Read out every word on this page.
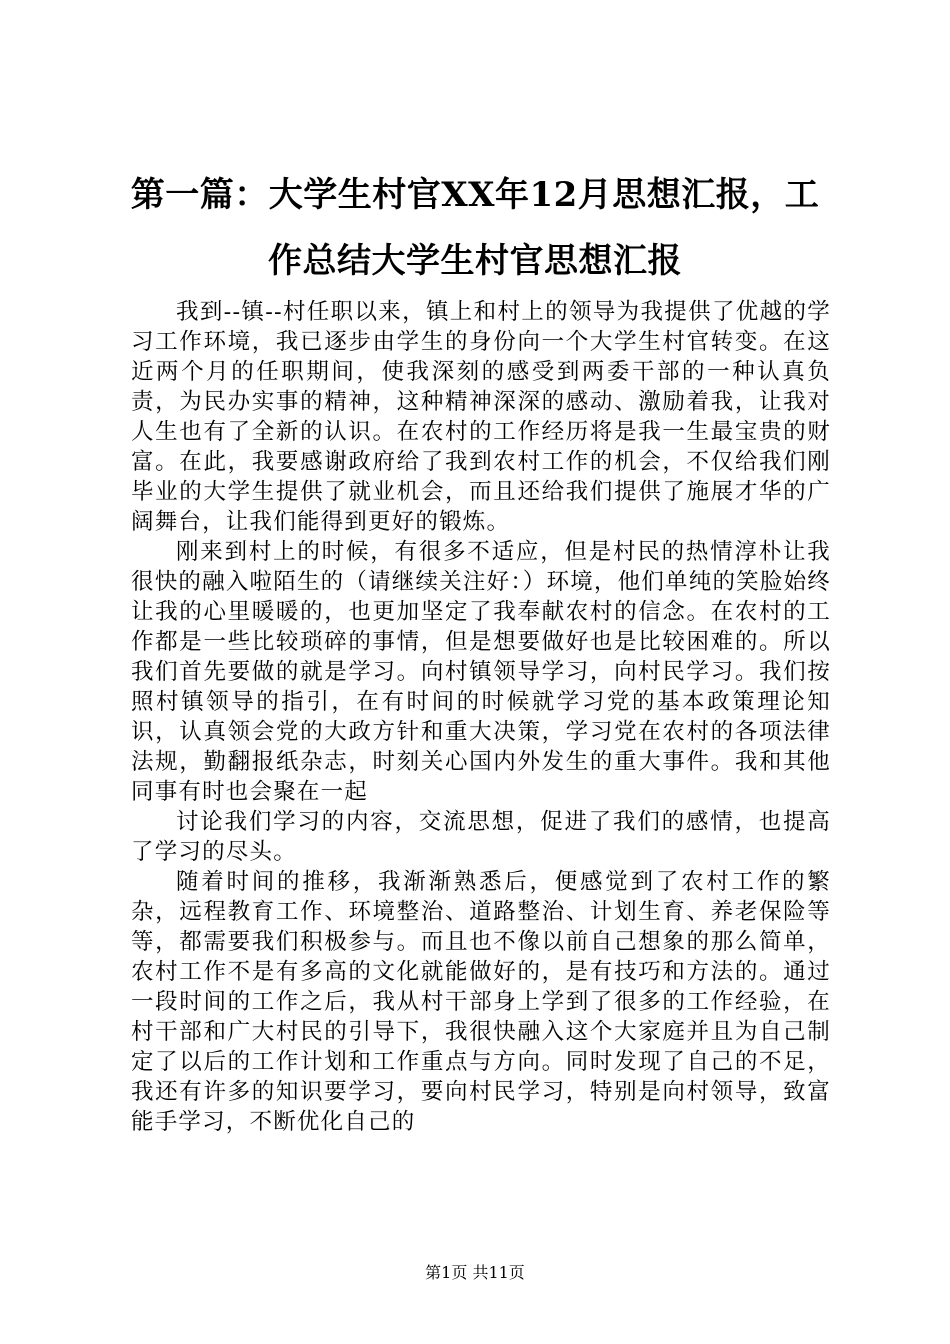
第一篇：大学生村官XX年12月思想汇报，工作总结大学生村官思想汇报

我到--镇--村任职以来，镇上和村上的领导为我提供了优越的学习工作环境，我已逐步由学生的身份向一个大学生村官转变。在这近两个月的任职期间，使我深刻的感受到两委干部的一种认真负责，为民办实事的精神，这种精神深深的感动、激励着我，让我对人生也有了全新的认识。在农村的工作经历将是我一生最宝贵的财富。在此，我要感谢政府给了我到农村工作的机会，不仅给我们刚毕业的大学生提供了就业机会，而且还给我们提供了施展才华的广阔舞台，让我们能得到更好的锻炼。

刚来到村上的时候，有很多不适应，但是村民的热情淳朴让我很快的融入啦陌生的（请继续关注好：）环境，他们单纯的笑脸始终让我的心里暖暖的，也更加坚定了我奉献农村的信念。在农村的工作都是一些比较琐碎的事情，但是想要做好也是比较困难的。所以我们首先要做的就是学习。向村镇领导学习，向村民学习。我们按照村镇领导的指引，在有时间的时候就学习党的基本政策理论知识，认真领会党的大政方针和重大决策，学习党在农村的各项法律法规，勤翻报纸杂志，时刻关心国内外发生的重大事件。我和其他同事有时也会聚在一起

讨论我们学习的内容，交流思想，促进了我们的感情，也提高了学习的尽头。

随着时间的推移，我渐渐熟悉后，便感觉到了农村工作的繁杂，远程教育工作、环境整治、道路整治、计划生育、养老保险等等，都需要我们积极参与。而且也不像以前自己想象的那么简单，农村工作不是有多高的文化就能做好的，是有技巧和方法的。通过一段时间的工作之后，我从村干部身上学到了很多的工作经验，在村干部和广大村民的引导下，我很快融入这个大家庭并且为自己制定了以后的工作计划和工作重点与方向。同时发现了自己的不足，我还有许多的知识要学习，要向村民学习，特别是向村领导，致富能手学习，不断优化自己的

第1页 共11页
